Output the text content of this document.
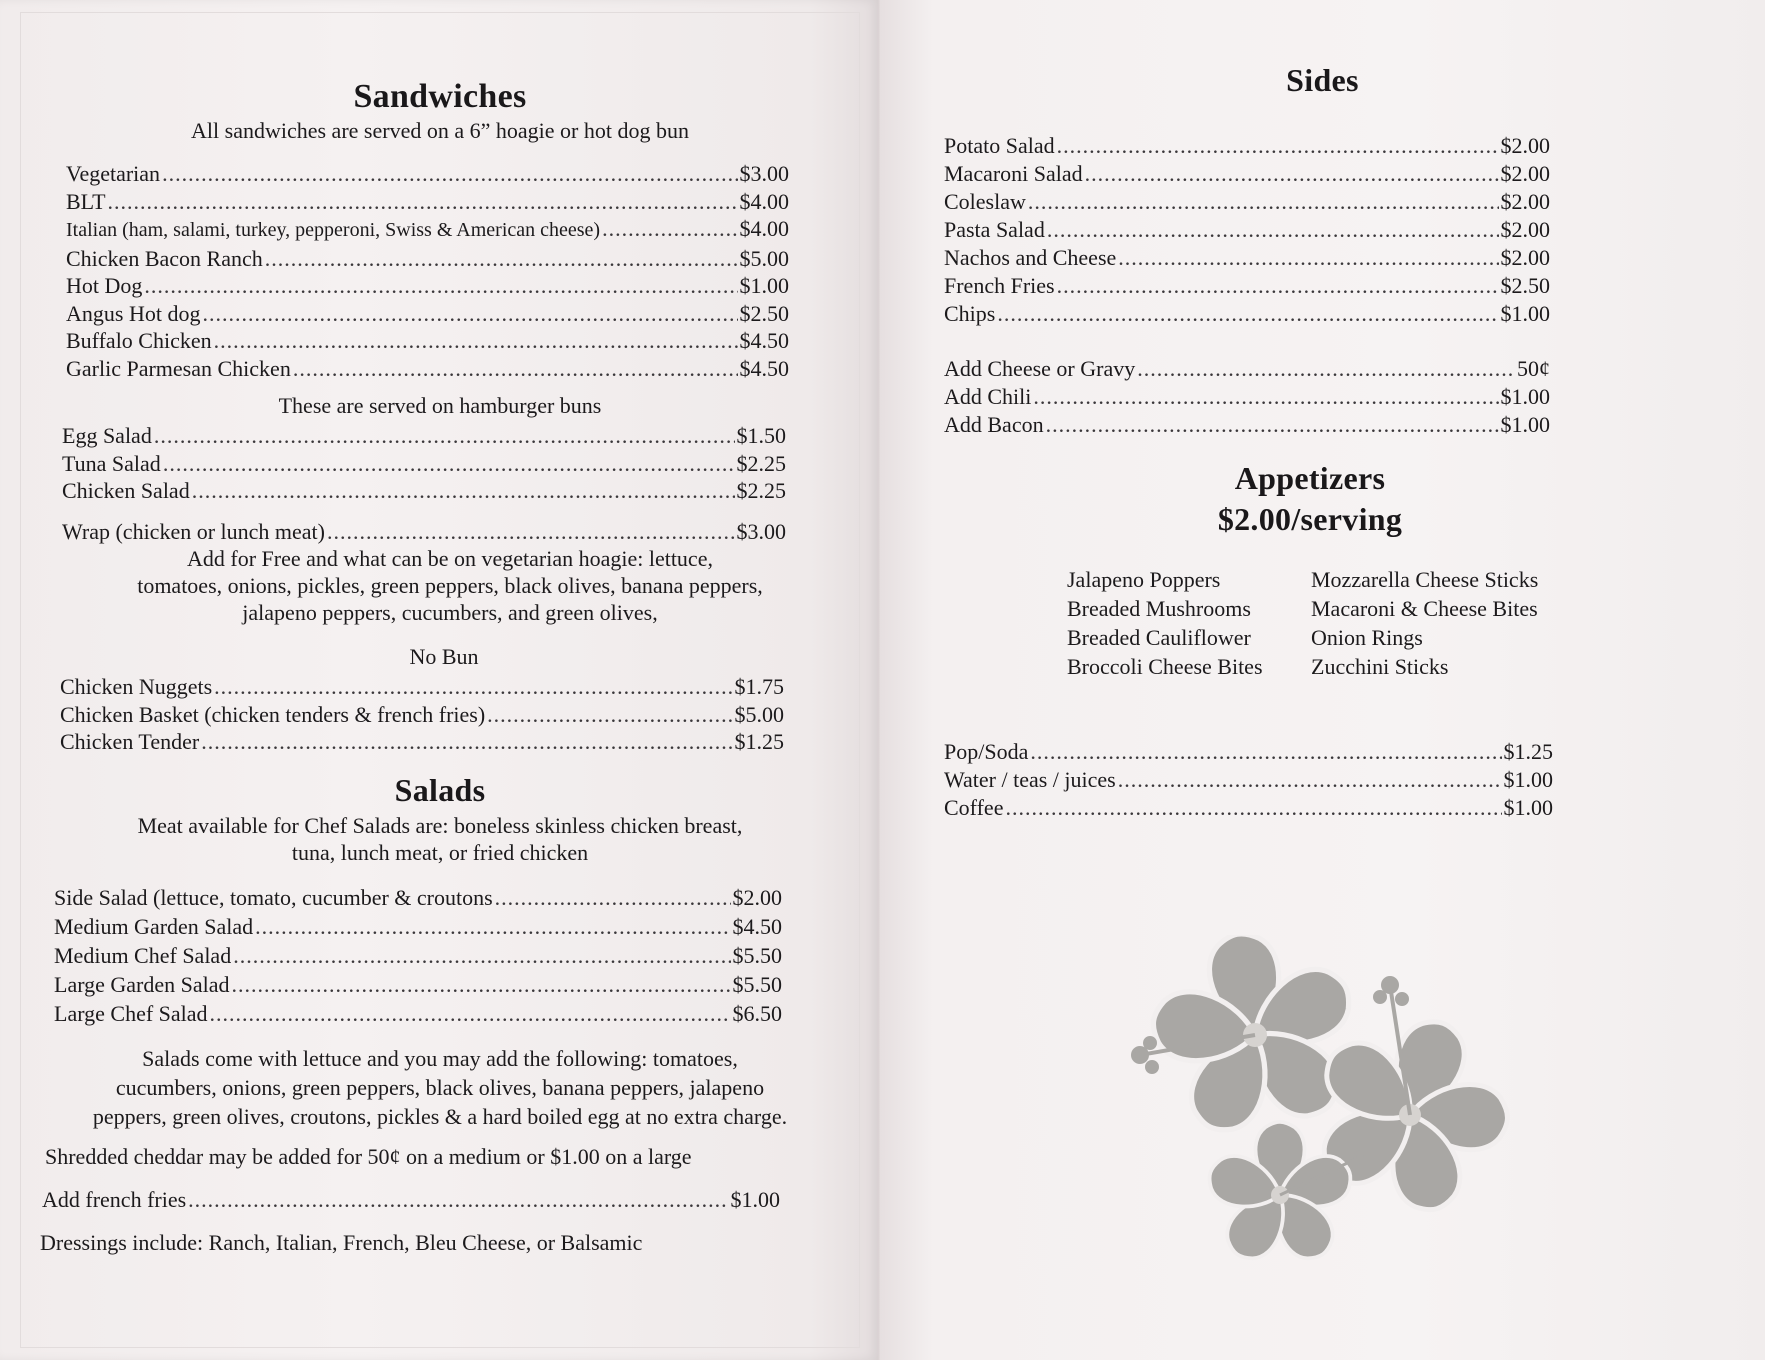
Sandwiches

All sandwiches are served on a 6” hoagie or hot dog bun

Vegetarian .....	$3.00
BLT .....	$4.00
Italian (ham, salami, turkey, pepperoni, Swiss & American cheese) .....	$4.00
Chicken Bacon Ranch .....	$5.00
Hot Dog .....	$1.00
Angus Hot dog .....	$2.50
Buffalo Chicken .....	$4.50
Garlic Parmesan Chicken .....	$4.50

These are served on hamburger buns

Egg Salad .....	$1.50
Tuna Salad .....	$2.25
Chicken Salad .....	$2.25
Wrap (chicken or lunch meat) .....	$3.00

Add for Free and what can be on vegetarian hoagie: lettuce,

tomatoes, onions, pickles, green peppers, black olives, banana peppers,

jalapeno peppers, cucumbers, and green olives,

No Bun

Chicken Nuggets .....	$1.75
Chicken Basket (chicken tenders & french fries) .....	$5.00
Chicken Tender .....	$1.25
Salads

Meat available for Chef Salads are: boneless skinless chicken breast,

tuna, lunch meat, or fried chicken

Side Salad (lettuce, tomato, cucumber & croutons .....	$2.00
Medium Garden Salad .....	$4.50
Medium Chef Salad .....	$5.50
Large Garden Salad .....	$5.50
Large Chef Salad .....	$6.50

Salads come with lettuce and you may add the following: tomatoes,

cucumbers, onions, green peppers, black olives, banana peppers, jalapeno

peppers, green olives, croutons, pickles & a hard boiled egg at no extra charge.

Shredded cheddar may be added for 50¢ on a medium or $1.00 on a large

Add french fries .....	$1.00

Dressings include: Ranch, Italian, French, Bleu Cheese, or Balsamic

Sides
Potato Salad .....	$2.00
Macaroni Salad .....	$2.00
Coleslaw .....	$2.00
Pasta Salad .....	$2.00
Nachos and Cheese .....	$2.00
French Fries .....	$2.50
Chips .....	$1.00
Add Cheese or Gravy .....	50¢
Add Chili .....	$1.00
Add Bacon .....	$1.00
Appetizers
$2.00/serving
Jalapeno Poppers
Breaded Mushrooms
Breaded Cauliflower
Broccoli Cheese Bites
Mozzarella Cheese Sticks
Macaroni & Cheese Bites
Onion Rings
Zucchini Sticks
Pop/Soda .....	$1.25
Water / teas / juices .....	$1.00
Coffee .....	$1.00
